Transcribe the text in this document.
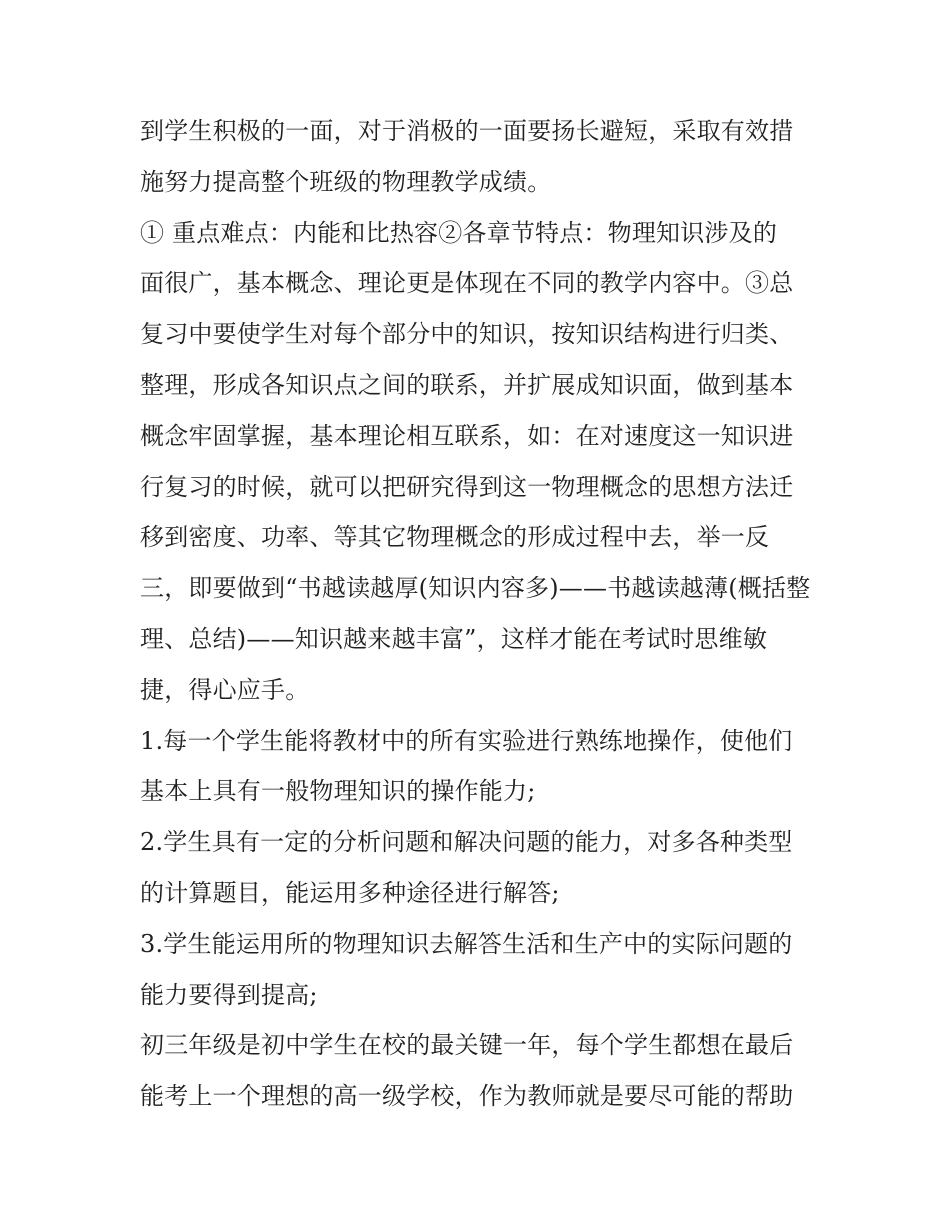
到学生积极的一面，对于消极的一面要扬长避短，采取有效措
施努力提高整个班级的物理教学成绩。
① 重点难点：内能和比热容②各章节特点：物理知识涉及的
面很广，基本概念、理论更是体现在不同的教学内容中。③总
复习中要使学生对每个部分中的知识，按知识结构进行归类、
整理，形成各知识点之间的联系，并扩展成知识面，做到基本
概念牢固掌握，基本理论相互联系，如：在对速度这一知识进
行复习的时候，就可以把研究得到这一物理概念的思想方法迁
移到密度、功率、等其它物理概念的形成过程中去，举一反
三，即要做到“书越读越厚(知识内容多)——书越读越薄(概括整
理、总结)——知识越来越丰富”，这样才能在考试时思维敏
捷，得心应手。
1.每一个学生能将教材中的所有实验进行熟练地操作，使他们
基本上具有一般物理知识的操作能力;
2.学生具有一定的分析问题和解决问题的能力，对多各种类型
的计算题目，能运用多种途径进行解答;
3.学生能运用所的物理知识去解答生活和生产中的实际问题的
能力要得到提高;
初三年级是初中学生在校的最关键一年，每个学生都想在最后
能考上一个理想的高一级学校，作为教师就是要尽可能的帮助
